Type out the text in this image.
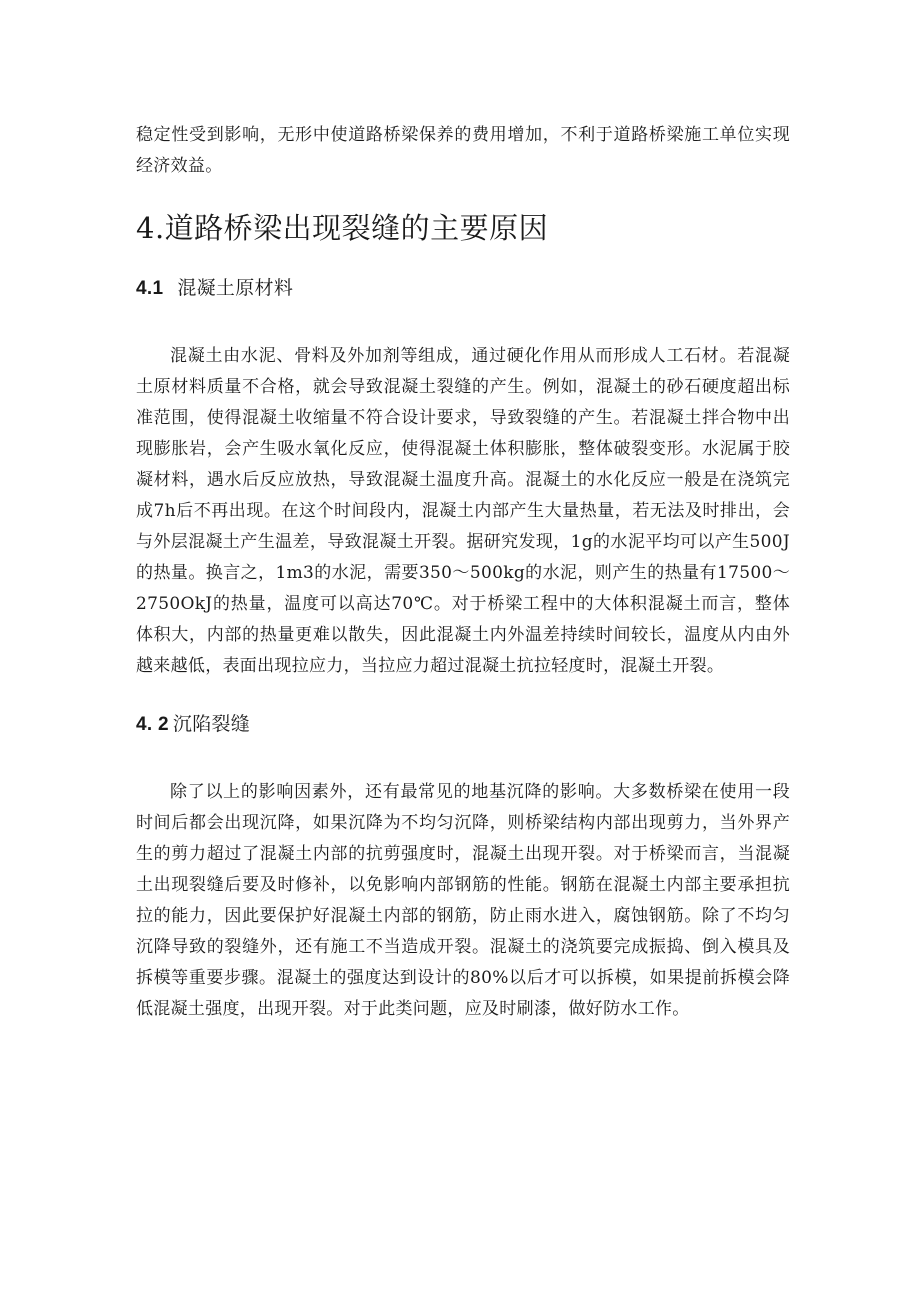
稳定性受到影响，无形中使道路桥梁保养的费用增加，不利于道路桥梁施工单位实现经济效益。

4.道路桥梁出现裂缝的主要原因
4.1 混凝土原材料

混凝土由水泥、骨料及外加剂等组成，通过硬化作用从而形成人工石材。若混凝土原材料质量不合格，就会导致混凝土裂缝的产生。例如，混凝土的砂石硬度超出标准范围，使得混凝土收缩量不符合设计要求，导致裂缝的产生。若混凝土拌合物中出现膨胀岩，会产生吸水氧化反应，使得混凝土体积膨胀，整体破裂变形。水泥属于胶凝材料，遇水后反应放热，导致混凝土温度升高。混凝土的水化反应一般是在浇筑完成7h后不再出现。在这个时间段内，混凝土内部产生大量热量，若无法及时排出，会与外层混凝土产生温差，导致混凝土开裂。据研究发现，1g的水泥平均可以产生500J的热量。换言之，1m3的水泥，需要350～500kg的水泥，则产生的热量有17500～2750OkJ的热量，温度可以高达70℃。对于桥梁工程中的大体积混凝土而言，整体体积大，内部的热量更难以散失，因此混凝土内外温差持续时间较长，温度从内由外越来越低，表面出现拉应力，当拉应力超过混凝土抗拉轻度时，混凝土开裂。

4. 2 沉陷裂缝

除了以上的影响因素外，还有最常见的地基沉降的影响。大多数桥梁在使用一段时间后都会出现沉降，如果沉降为不均匀沉降，则桥梁结构内部出现剪力，当外界产生的剪力超过了混凝土内部的抗剪强度时，混凝土出现开裂。对于桥梁而言，当混凝土出现裂缝后要及时修补，以免影响内部钢筋的性能。钢筋在混凝土内部主要承担抗拉的能力，因此要保护好混凝土内部的钢筋，防止雨水进入，腐蚀钢筋。除了不均匀沉降导致的裂缝外，还有施工不当造成开裂。混凝土的浇筑要完成振捣、倒入模具及拆模等重要步骤。混凝土的强度达到设计的80%以后才可以拆模，如果提前拆模会降低混凝土强度，出现开裂。对于此类问题，应及时刷漆，做好防水工作。
